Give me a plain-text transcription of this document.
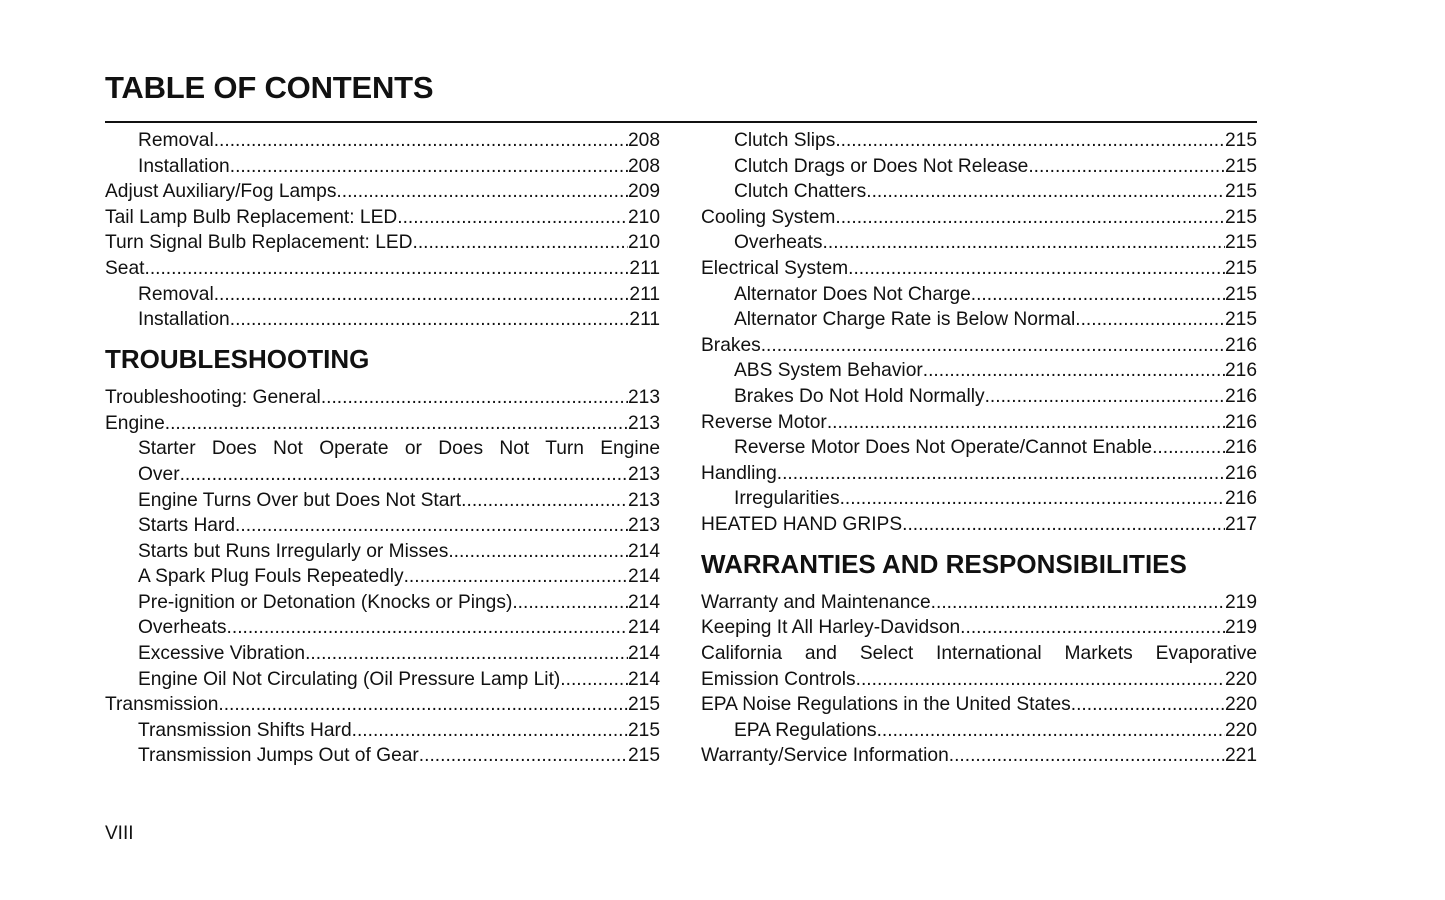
TABLE OF CONTENTS
Removal .....	208
Installation .....	208
Adjust Auxiliary/Fog Lamps .....	209
Tail Lamp Bulb Replacement: LED .....	210
Turn Signal Bulb Replacement: LED .....	210
Seat .....	211
Removal .....	211
Installation .....	211
TROUBLESHOOTING
Troubleshooting: General .....	213
Engine .....	213
Starter Does Not Operate or Does Not Turn Engine
Over .....	213
Engine Turns Over but Does Not Start .....	213
Starts Hard .....	213
Starts but Runs Irregularly or Misses .....	214
A Spark Plug Fouls Repeatedly .....	214
Pre-ignition or Detonation (Knocks or Pings) .....	214
Overheats .....	214
Excessive Vibration .....	214
Engine Oil Not Circulating (Oil Pressure Lamp Lit) .....	214
Transmission .....	215
Transmission Shifts Hard .....	215
Transmission Jumps Out of Gear .....	215
Clutch Slips .....	215
Clutch Drags or Does Not Release .....	215
Clutch Chatters .....	215
Cooling System .....	215
Overheats .....	215
Electrical System .....	215
Alternator Does Not Charge .....	215
Alternator Charge Rate is Below Normal .....	215
Brakes .....	216
ABS System Behavior .....	216
Brakes Do Not Hold Normally .....	216
Reverse Motor .....	216
Reverse Motor Does Not Operate/Cannot Enable .....	216
Handling .....	216
Irregularities .....	216
HEATED HAND GRIPS .....	217
WARRANTIES AND RESPONSIBILITIES
Warranty and Maintenance .....	219
Keeping It All Harley-Davidson .....	219
California and Select International Markets Evaporative
Emission Controls .....	220
EPA Noise Regulations in the United States .....	220
EPA Regulations .....	220
Warranty/Service Information .....	221
VIII
